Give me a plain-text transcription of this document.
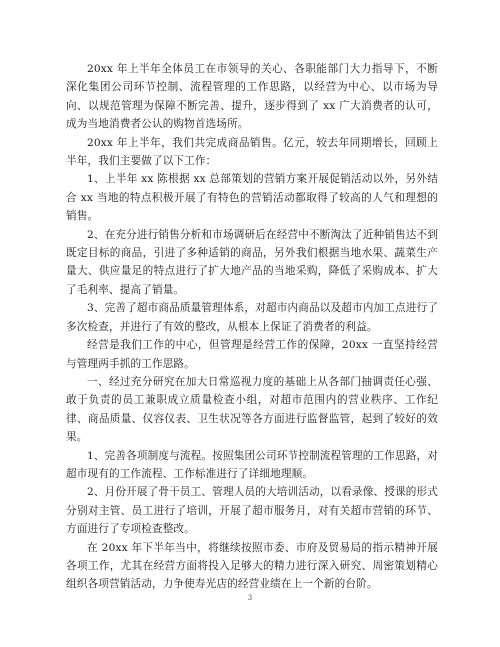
20xx 年上半年全体员工在市领导的关心、各职能部门大力指导下，不断深化集团公司环节控制、流程管理的工作思路，以经营为中心、以市场为导向、以规范管理为保障不断完善、提升，逐步得到了 xx 广大消费者的认可，成为当地消费者公认的购物首选场所。

20xx 年上半年，我们共完成商品销售。亿元，较去年同期增长，回顾上半年，我们主要做了以下工作：

1、上半年 xx 陈根据 xx 总部策划的营销方案开展促销活动以外，另外结合 xx 当地的特点积极开展了有特色的营销活动都取得了较高的人气和理想的销售。

2、在充分进行销售分析和市场调研后在经营中不断淘汰了近种销售达不到既定目标的商品，引进了多种适销的商品，另外我们根据当地水果、蔬菜生产量大、供应量足的特点进行了扩大地产品的当地采购，降低了采购成本、扩大了毛利率、提高了销量。

3、完善了超市商品质量管理体系，对超市内商品以及超市内加工点进行了多次检查，并进行了有效的整改，从根本上保证了消费者的利益。

经营是我们工作的中心，但管理是经营工作的保障，20xx 一直坚持经营与管理两手抓的工作思路。

一、经过充分研究在加大日常巡视力度的基础上从各部门抽调责任心强、敢于负责的员工兼职成立质量检查小组，对超市范围内的营业秩序、工作纪律、商品质量、仪容仪表、卫生状况等各方面进行监督监管，起到了较好的效果。

1、完善各项制度与流程。按照集团公司环节控制流程管理的工作思路，对超市现有的工作流程、工作标准进行了详细地理顺。

2、月份开展了骨干员工、管理人员的大培训活动，以看录像、授课的形式分别对主管、员工进行了培训，开展了超市服务月，对有关超市营销的环节、方面进行了专项检查整改。

在 20xx 年下半年当中，将继续按照市委、市府及贸易局的指示精神开展各项工作，尤其在经营方面将投入足够大的精力进行深入研究、周密策划精心组织各项营销活动，力争使寿光店的经营业绩在上一个新的台阶。

3
